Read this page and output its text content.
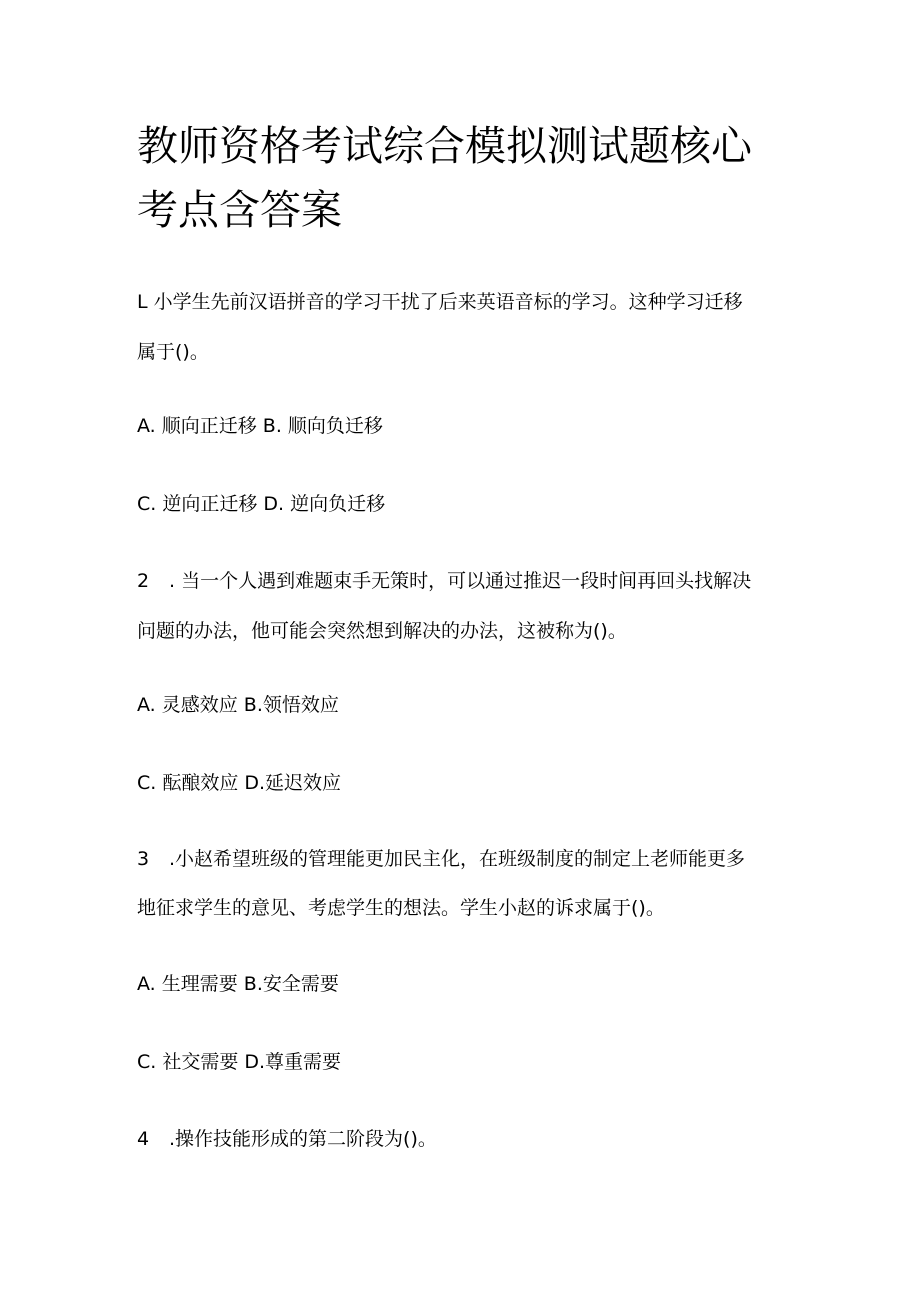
教师资格考试综合模拟测试题核心
考点含答案
L 小学生先前汉语拼音的学习干扰了后来英语音标的学习。这种学习迁移
属于()。
A. 顺向正迁移 B. 顺向负迁移
C. 逆向正迁移 D. 逆向负迁移
2 . 当一个人遇到难题束手无策时，可以通过推迟一段时间再回头找解决
问题的办法，他可能会突然想到解决的办法，这被称为()。
A. 灵感效应 B.领悟效应
C. 酝酿效应 D.延迟效应
3 .小赵希望班级的管理能更加民主化，在班级制度的制定上老师能更多
地征求学生的意见、考虑学生的想法。学生小赵的诉求属于()。
A. 生理需要 B.安全需要
C. 社交需要 D.尊重需要
4 .操作技能形成的第二阶段为()。
